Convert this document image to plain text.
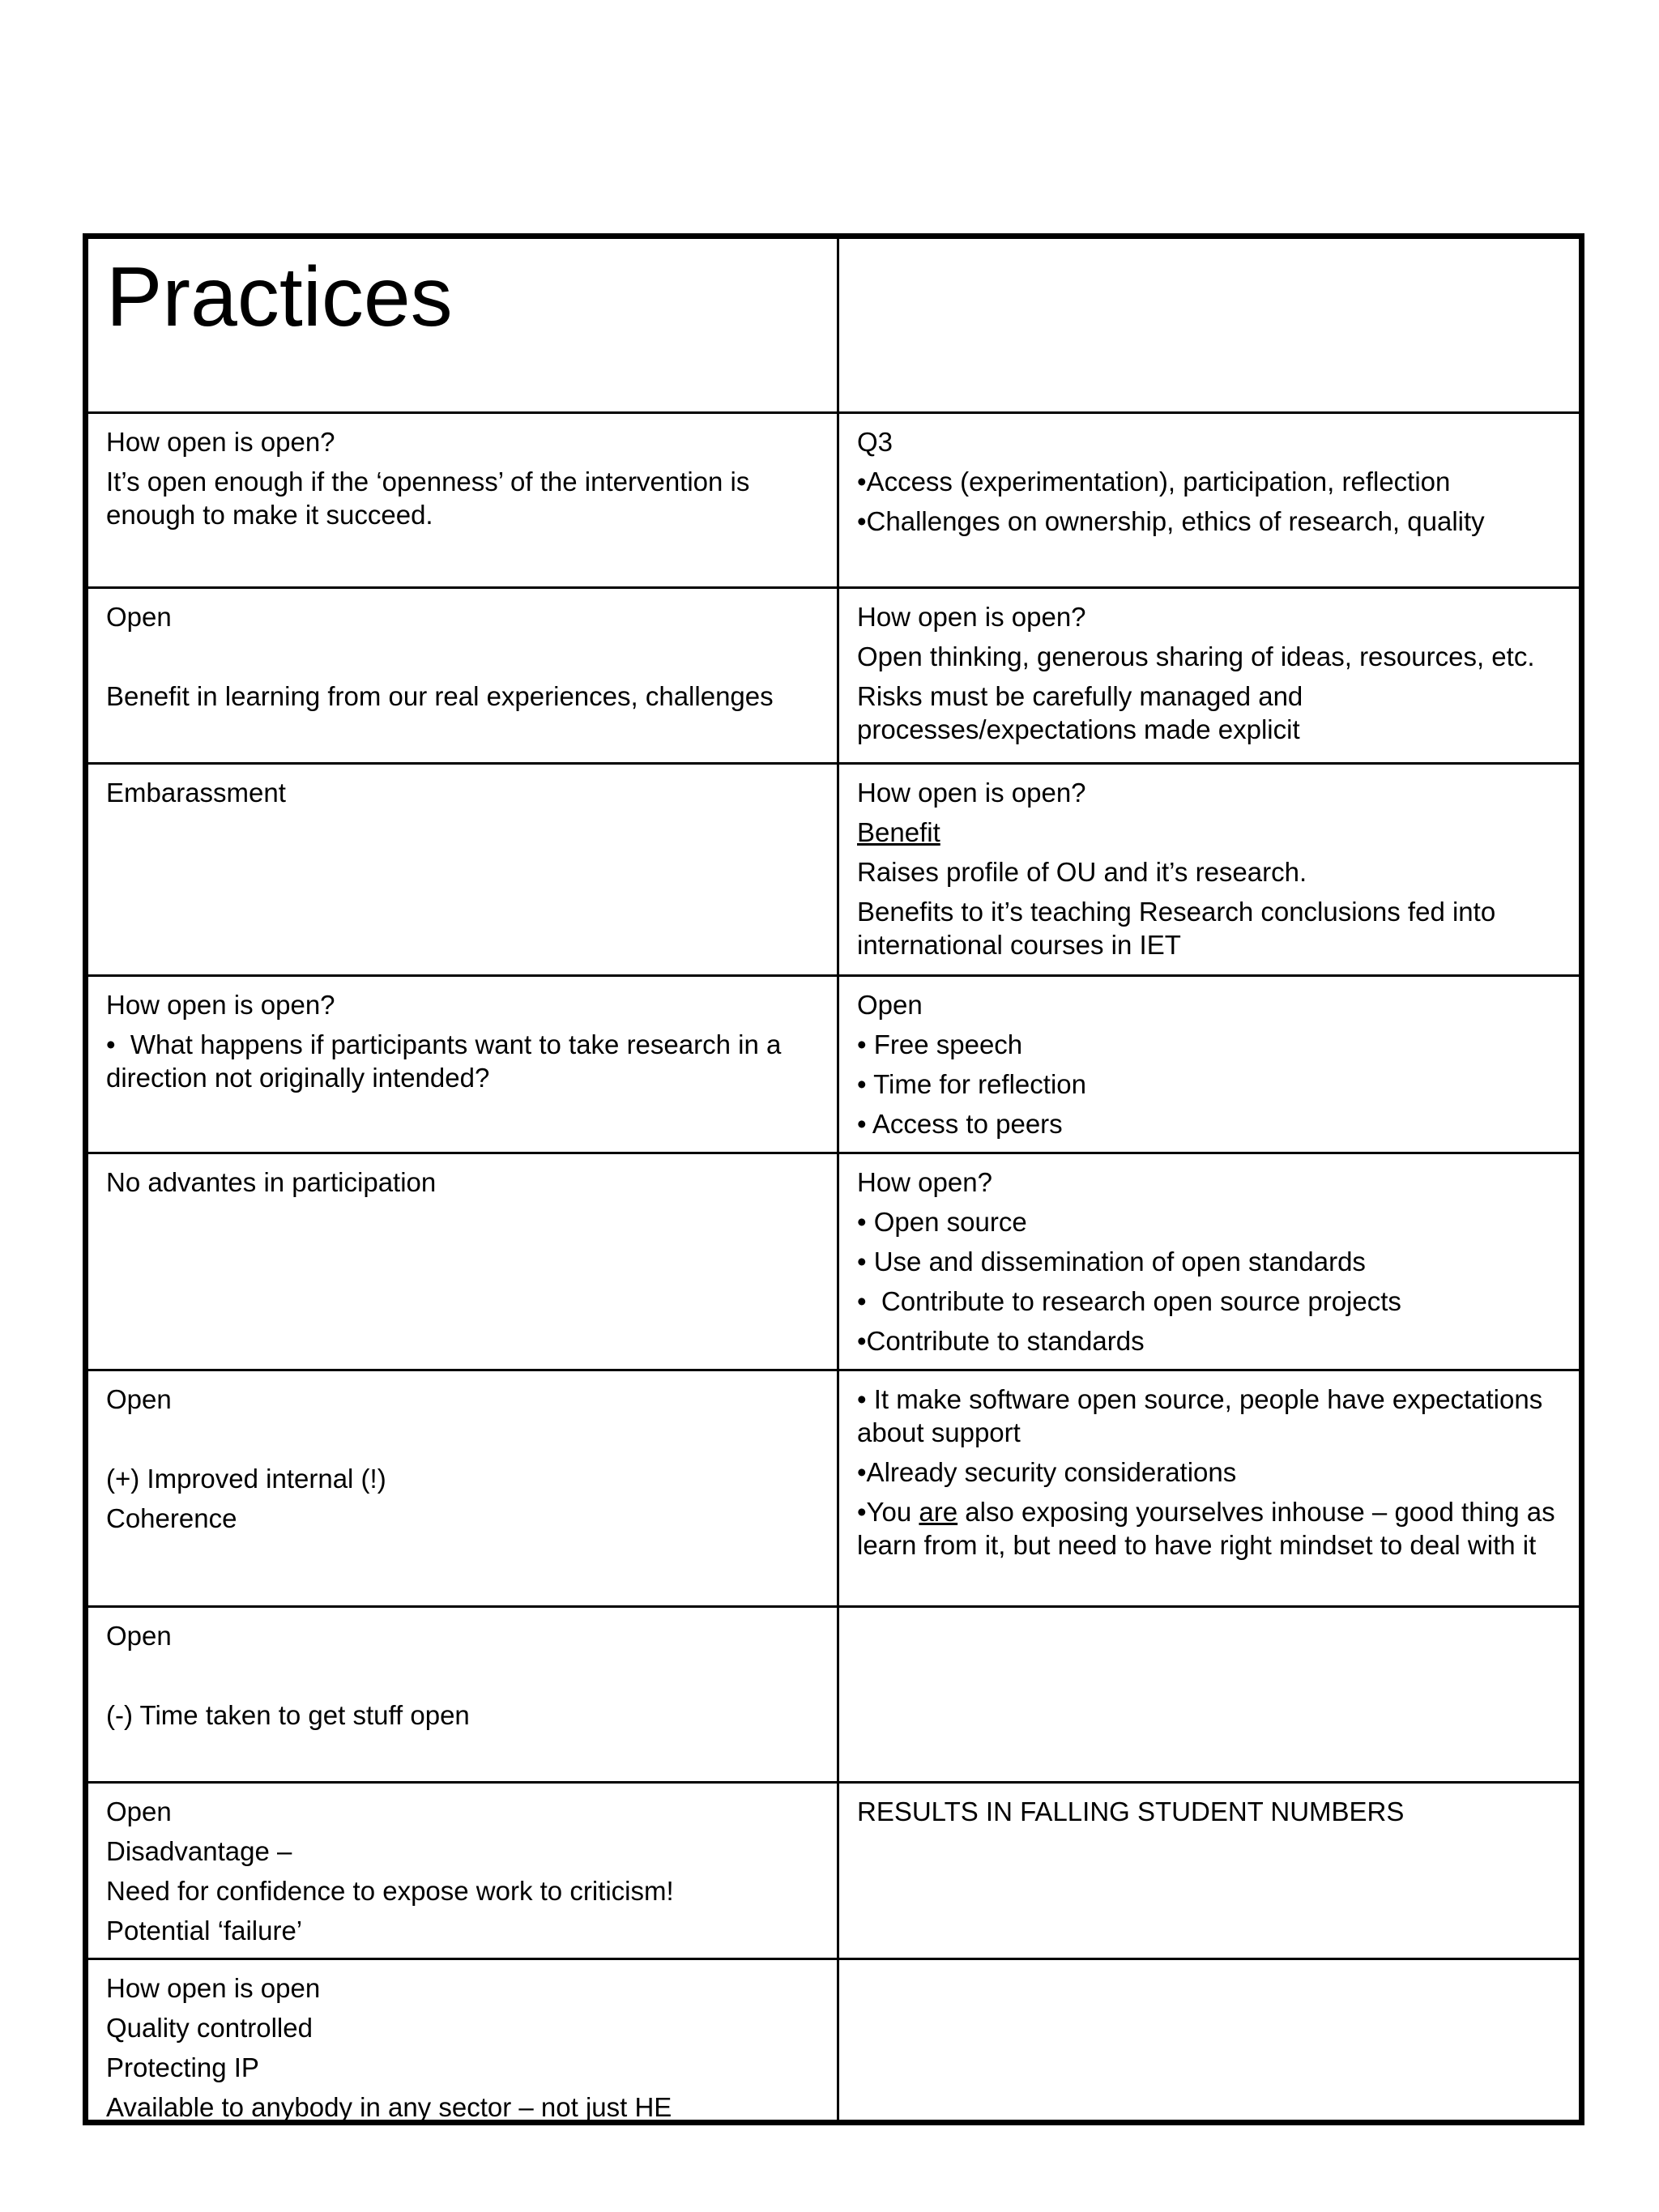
Practices
How open is open?
It’s open enough if the ‘openness’ of the intervention is enough to make it succeed.
Q3
•Access (experimentation), participation, reflection
•Challenges on ownership, ethics of research, quality
Open
Benefit in learning from our real experiences, challenges
How open is open?
Open thinking, generous sharing of ideas, resources, etc.
Risks must be carefully managed and processes/expectations made explicit
Embarassment	How open is open?
Benefit
Raises profile of OU and it’s research.
Benefits to it’s teaching Research conclusions fed into international courses in IET
How open is open?
•  What happens if participants want to take research in a direction not originally intended?
Open
• Free speech
• Time for reflection
• Access to peers
No advantes in participation	How open?
• Open source
• Use and dissemination of open standards
•  Contribute to research open source projects
•Contribute to standards
Open
(+) Improved internal (!)
Coherence
• It make software open source, people have expectations about support
•Already security considerations
•You are also exposing yourselves inhouse – good thing as learn from it, but need to have right mindset to deal with it
Open
(-) Time taken to get stuff open
Open
Disadvantage –
Need for confidence to expose work to criticism!
Potential ‘failure’
RESULTS IN FALLING STUDENT NUMBERS
How open is open
Quality controlled
Protecting IP
Available to anybody in any sector – not just HE
